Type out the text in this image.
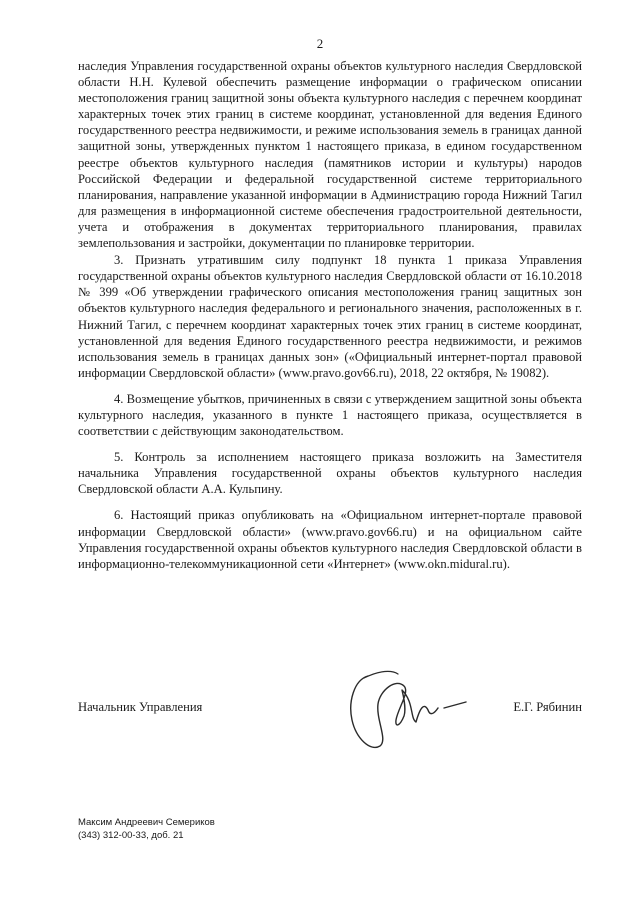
2

наследия Управления государственной охраны объектов культурного наследия Свердловской области Н.Н. Кулевой обеспечить размещение информации о графическом описании местоположения границ защитной зоны объекта культурного наследия с перечнем координат характерных точек этих границ в системе координат, установленной для ведения Единого государственного реестра недвижимости, и режиме использования земель в границах данной защитной зоны, утвержденных пунктом 1 настоящего приказа, в едином государственном реестре объектов культурного наследия (памятников истории и культуры) народов Российской Федерации и федеральной государственной системе территориального планирования, направление указанной информации в Администрацию города Нижний Тагил для размещения в информационной системе обеспечения градостроительной деятельности, учета и отображения в документах территориального планирования, правилах землепользования и застройки, документации по планировке территории.

3. Признать утратившим силу подпункт 18 пункта 1 приказа Управления государственной охраны объектов культурного наследия Свердловской области от 16.10.2018 № 399 «Об утверждении графического описания местоположения границ защитных зон объектов культурного наследия федерального и регионального значения, расположенных в г. Нижний Тагил, с перечнем координат характерных точек этих границ в системе координат, установленной для ведения Единого государственного реестра недвижимости, и режимов использования земель в границах данных зон» («Официальный интернет-портал правовой информации Свердловской области» (www.pravo.gov66.ru), 2018, 22 октября, № 19082).

4. Возмещение убытков, причиненных в связи с утверждением защитной зоны объекта культурного наследия, указанного в пункте 1 настоящего приказа, осуществляется в соответствии с действующим законодательством.

5. Контроль за исполнением настоящего приказа возложить на Заместителя начальника Управления государственной охраны объектов культурного наследия Свердловской области А.А. Кульпину.

6. Настоящий приказ опубликовать на «Официальном интернет-портале правовой информации Свердловской области» (www.pravo.gov66.ru) и на официальном сайте Управления государственной охраны объектов культурного наследия Свердловской области в информационно-телекоммуникационной сети «Интернет» (www.okn.midural.ru).

Начальник Управления	Е.Г. Рябинин
Максим Андреевич Семериков
(343) 312-00-33, доб. 21
